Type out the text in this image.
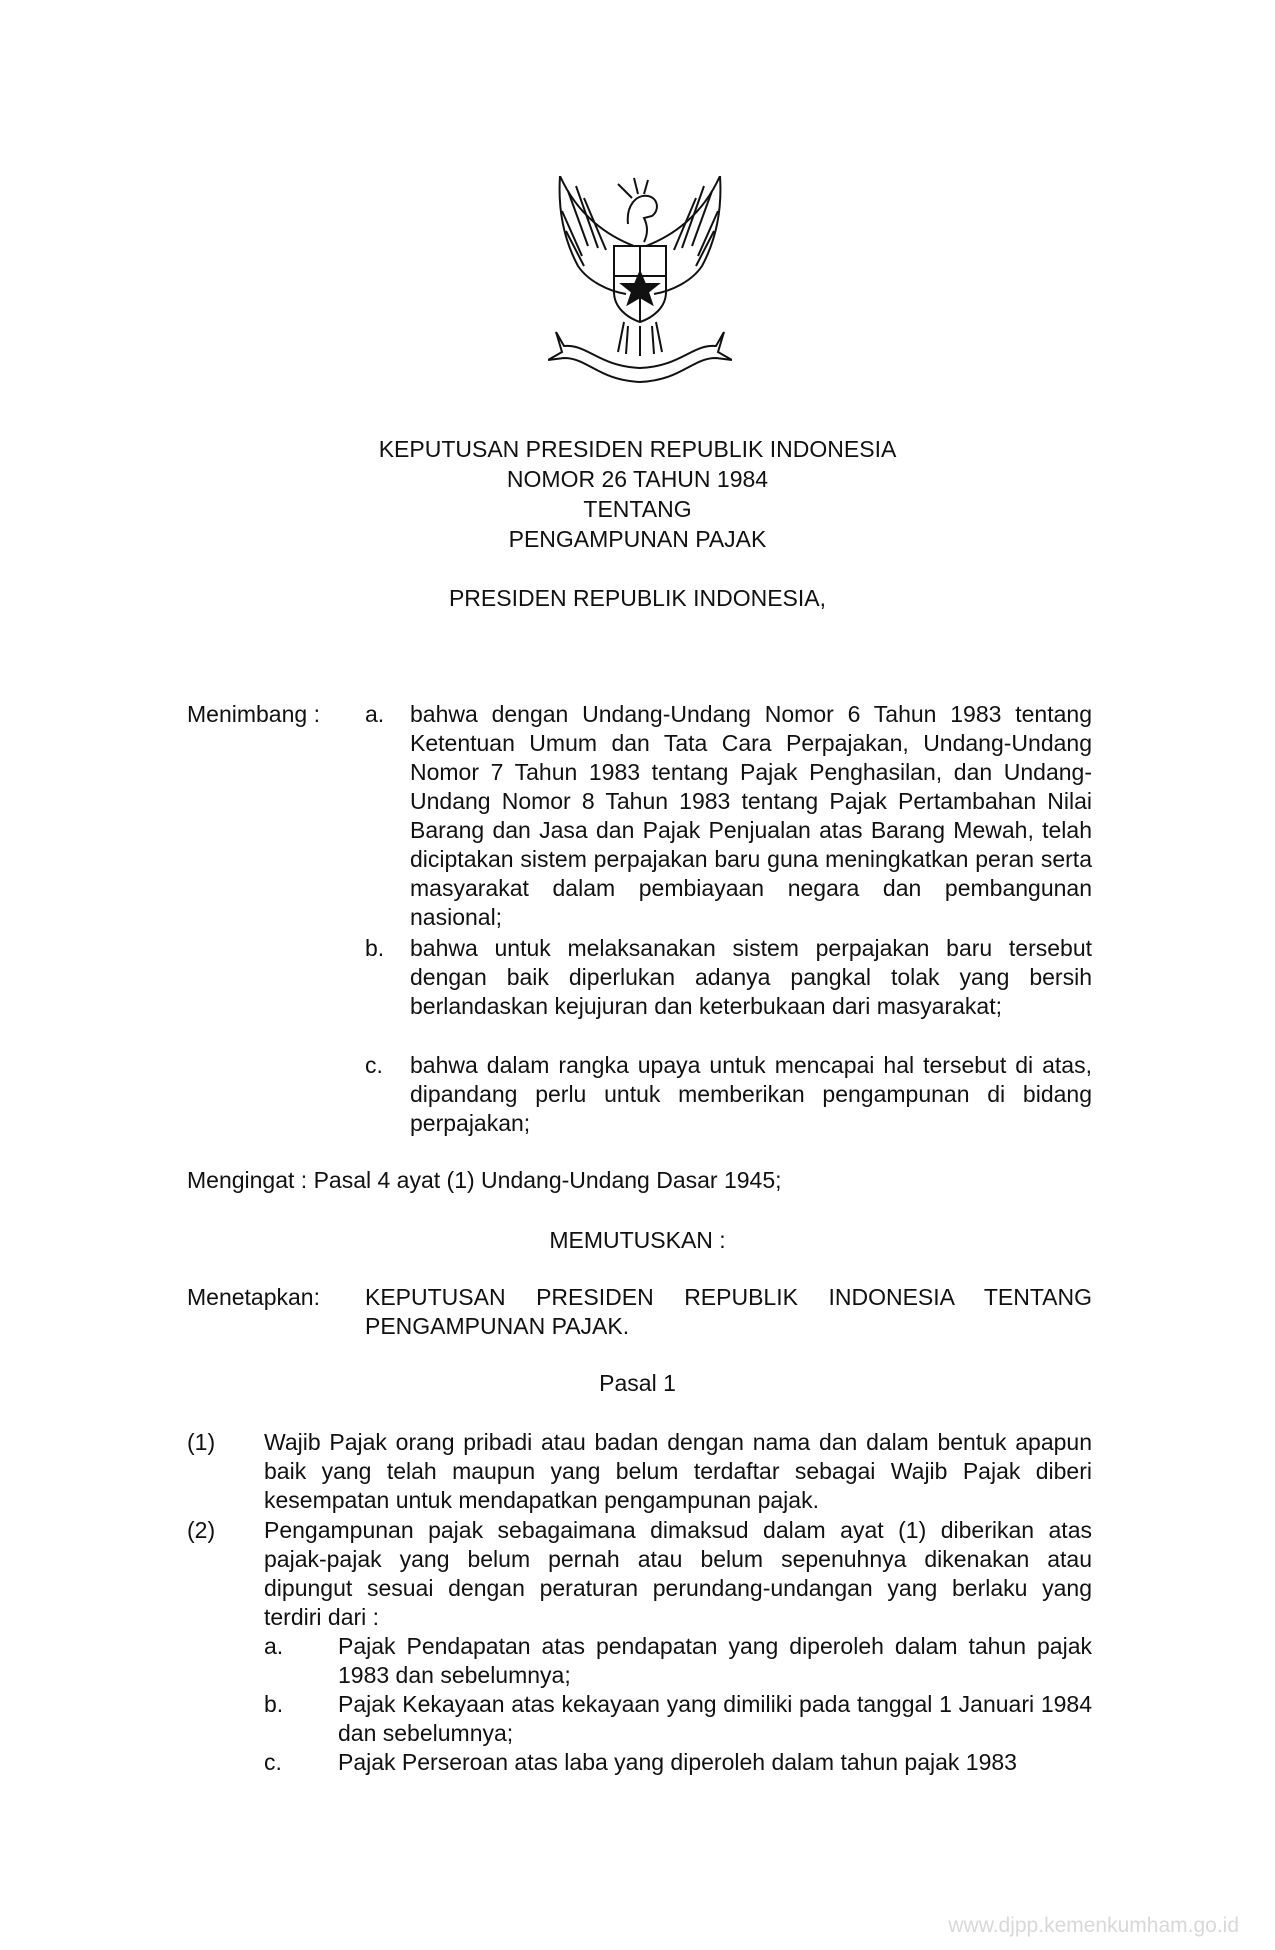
KEPUTUSAN PRESIDEN REPUBLIK INDONESIA
NOMOR 26 TAHUN 1984
TENTANG
PENGAMPUNAN PAJAK
PRESIDEN REPUBLIK INDONESIA,
Menimbang : a. bahwa dengan Undang-Undang Nomor 6 Tahun 1983 tentang Ketentuan Umum dan Tata Cara Perpajakan, Undang-Undang Nomor 7 Tahun 1983 tentang Pajak Penghasilan, dan Undang-Undang Nomor 8 Tahun 1983 tentang Pajak Pertambahan Nilai Barang dan Jasa dan Pajak Penjualan atas Barang Mewah, telah diciptakan sistem perpajakan baru guna meningkatkan peran serta masyarakat dalam pembiayaan negara dan pembangunan nasional;
b. bahwa untuk melaksanakan sistem perpajakan baru tersebut dengan baik diperlukan adanya pangkal tolak yang bersih berlandaskan kejujuran dan keterbukaan dari masyarakat;
c. bahwa dalam rangka upaya untuk mencapai hal tersebut di atas, dipandang perlu untuk memberikan pengampunan di bidang perpajakan;
Mengingat : Pasal 4 ayat (1) Undang-Undang Dasar 1945;
MEMUTUSKAN :
Menetapkan: KEPUTUSAN PRESIDEN REPUBLIK INDONESIA TENTANG PENGAMPUNAN PAJAK.
Pasal 1
(1) Wajib Pajak orang pribadi atau badan dengan nama dan dalam bentuk apapun baik yang telah maupun yang belum terdaftar sebagai Wajib Pajak diberi kesempatan untuk mendapatkan pengampunan pajak.
(2) Pengampunan pajak sebagaimana dimaksud dalam ayat (1) diberikan atas pajak-pajak yang belum pernah atau belum sepenuhnya dikenakan atau dipungut sesuai dengan peraturan perundang-undangan yang berlaku yang terdiri dari :
a. Pajak Pendapatan atas pendapatan yang diperoleh dalam tahun pajak 1983 dan sebelumnya;
b. Pajak Kekayaan atas kekayaan yang dimiliki pada tanggal 1 Januari 1984 dan sebelumnya;
c. Pajak Perseroan atas laba yang diperoleh dalam tahun pajak 1983
www.djpp.kemenkumham.go.id
